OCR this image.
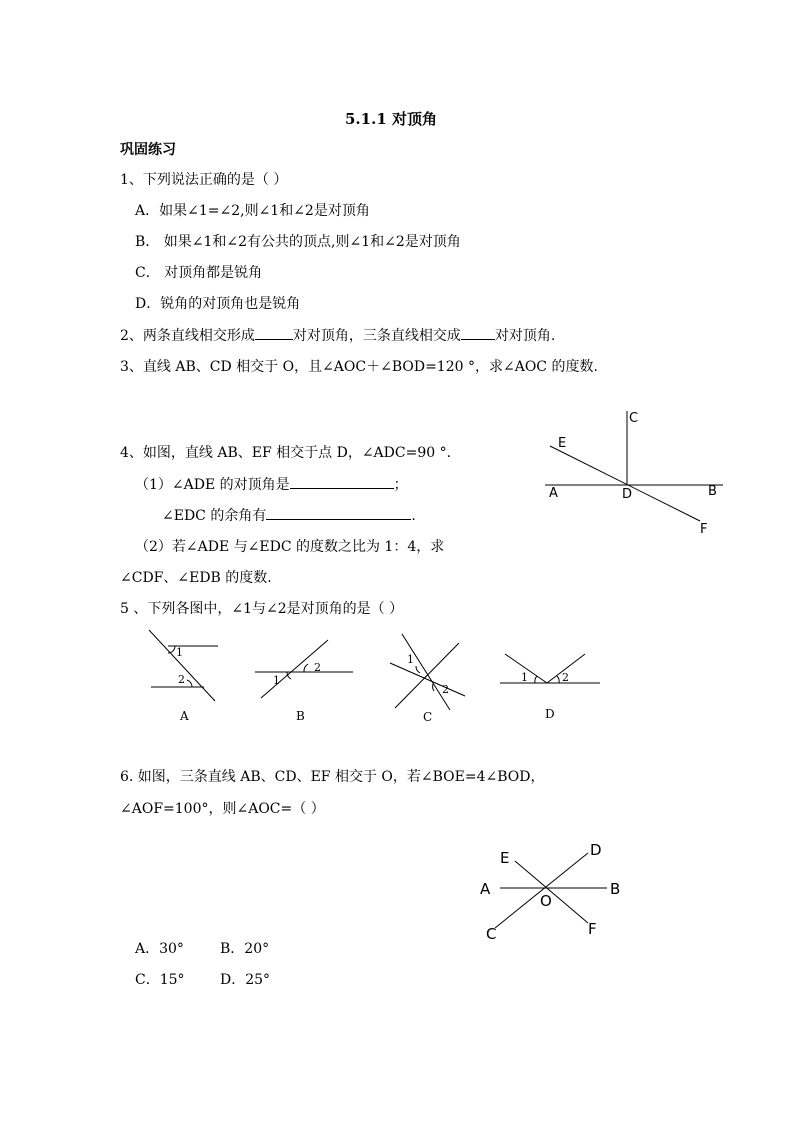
5.1.1 对顶角
巩固练习
1、下列说法正确的是（ ）
A．如果∠1=∠2,则∠1和∠2是对顶角
B． 如果∠1和∠2有公共的顶点,则∠1和∠2是对顶角
C． 对顶角都是锐角
D．锐角的对顶角也是锐角
2、两条直线相交形成	对对顶角，三条直线相交成 对对顶角.
3、直线 AB、CD 相交于 O，且∠AOC＋∠BOD=120 °，求∠AOC 的度数.
4、如图，直线 AB、EF 相交于点 D，∠ADC=90 °.
（1）∠ADE 的对顶角是	；
∠EDC 的余角有	.
（2）若∠ADE 与∠EDC 的度数之比为 1：4，求
∠CDF、∠EDB 的度数.
C
E
A	D	B
F
5 、下列各图中，∠1与∠2是对顶角的是（ ）
1
2
A
1
2
B
1
2
C
1	2
D
6. 如图，三条直线 AB、CD、EF 相交于 O，若∠BOE=4∠BOD，
∠AOF=100°，则∠AOC=（ ）
E	D
A	B
O
C	F
A．30°	B．20°
C．15°	D．25°
